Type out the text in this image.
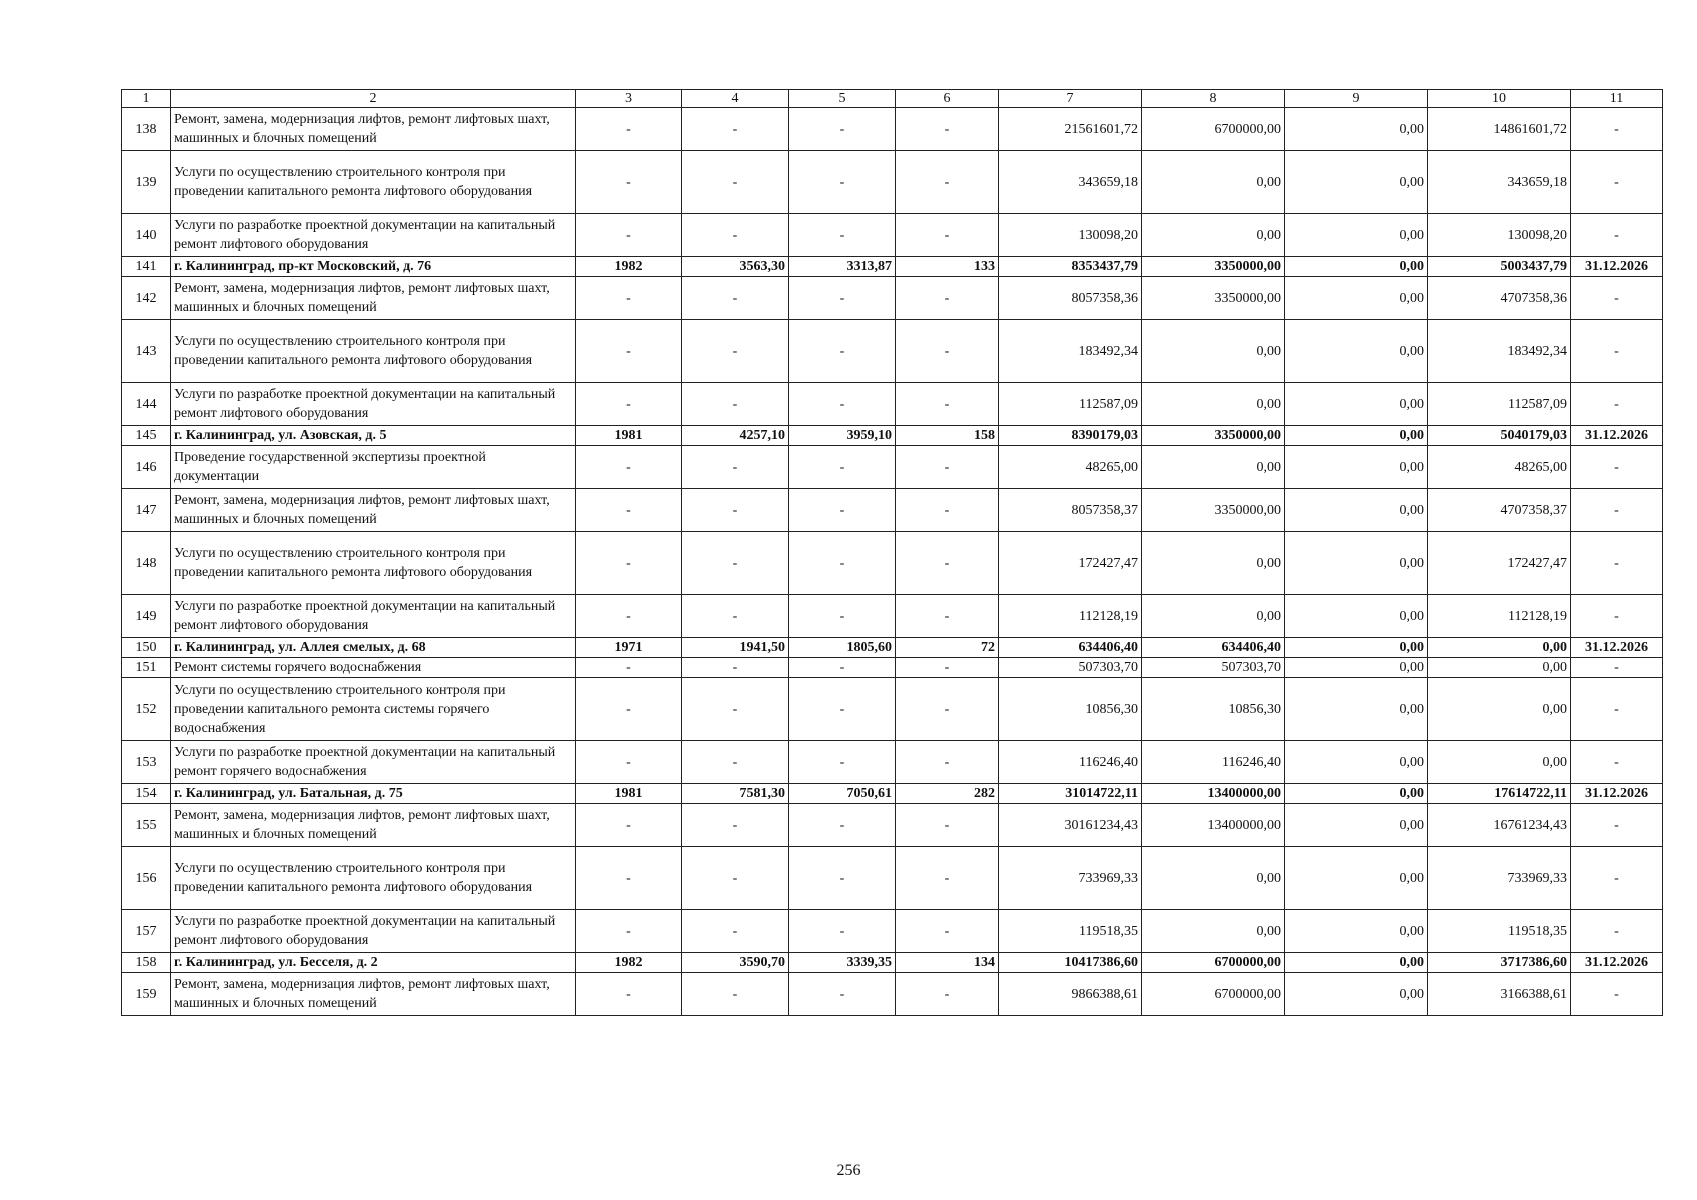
1	2	3	4	5	6	7	8	9	10	11
138	Ремонт, замена, модернизация лифтов, ремонт лифтовых шахт, машинных и блочных помещений	-	-	-	-	21561601,72	6700000,00	0,00	14861601,72	-
139	Услуги по осуществлению строительного контроля при проведении капитального ремонта лифтового оборудования	-	-	-	-	343659,18	0,00	0,00	343659,18	-
140	Услуги по разработке проектной документации на капитальный ремонт лифтового оборудования	-	-	-	-	130098,20	0,00	0,00	130098,20	-
141	г. Калининград, пр-кт Московский, д. 76	1982	3563,30	3313,87	133	8353437,79	3350000,00	0,00	5003437,79	31.12.2026
142	Ремонт, замена, модернизация лифтов, ремонт лифтовых шахт, машинных и блочных помещений	-	-	-	-	8057358,36	3350000,00	0,00	4707358,36	-
143	Услуги по осуществлению строительного контроля при проведении капитального ремонта лифтового оборудования	-	-	-	-	183492,34	0,00	0,00	183492,34	-
144	Услуги по разработке проектной документации на капитальный ремонт лифтового оборудования	-	-	-	-	112587,09	0,00	0,00	112587,09	-
145	г. Калининград, ул. Азовская, д. 5	1981	4257,10	3959,10	158	8390179,03	3350000,00	0,00	5040179,03	31.12.2026
146	Проведение государственной экспертизы проектной документации	-	-	-	-	48265,00	0,00	0,00	48265,00	-
147	Ремонт, замена, модернизация лифтов, ремонт лифтовых шахт, машинных и блочных помещений	-	-	-	-	8057358,37	3350000,00	0,00	4707358,37	-
148	Услуги по осуществлению строительного контроля при проведении капитального ремонта лифтового оборудования	-	-	-	-	172427,47	0,00	0,00	172427,47	-
149	Услуги по разработке проектной документации на капитальный ремонт лифтового оборудования	-	-	-	-	112128,19	0,00	0,00	112128,19	-
150	г. Калининград, ул. Аллея смелых, д. 68	1971	1941,50	1805,60	72	634406,40	634406,40	0,00	0,00	31.12.2026
151	Ремонт системы горячего водоснабжения	-	-	-	-	507303,70	507303,70	0,00	0,00	-
152	Услуги по осуществлению строительного контроля при проведении капитального ремонта системы горячего водоснабжения	-	-	-	-	10856,30	10856,30	0,00	0,00	-
153	Услуги по разработке проектной документации на капитальный ремонт горячего водоснабжения	-	-	-	-	116246,40	116246,40	0,00	0,00	-
154	г. Калининград, ул. Батальная, д. 75	1981	7581,30	7050,61	282	31014722,11	13400000,00	0,00	17614722,11	31.12.2026
155	Ремонт, замена, модернизация лифтов, ремонт лифтовых шахт, машинных и блочных помещений	-	-	-	-	30161234,43	13400000,00	0,00	16761234,43	-
156	Услуги по осуществлению строительного контроля при проведении капитального ремонта лифтового оборудования	-	-	-	-	733969,33	0,00	0,00	733969,33	-
157	Услуги по разработке проектной документации на капитальный ремонт лифтового оборудования	-	-	-	-	119518,35	0,00	0,00	119518,35	-
158	г. Калининград, ул. Бесселя, д. 2	1982	3590,70	3339,35	134	10417386,60	6700000,00	0,00	3717386,60	31.12.2026
159	Ремонт, замена, модернизация лифтов, ремонт лифтовых шахт, машинных и блочных помещений	-	-	-	-	9866388,61	6700000,00	0,00	3166388,61	-
256
